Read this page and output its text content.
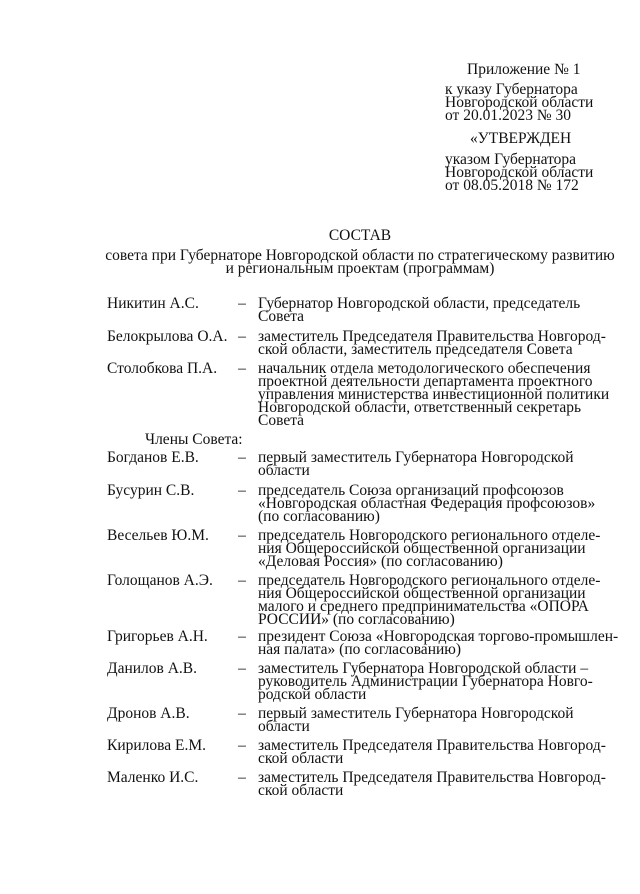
Приложение № 1
к указу Губернатора
Новгородской области
от 20.01.2023 № 30
«УТВЕРЖДЕН
указом Губернатора
Новгородской области
от 08.05.2018 № 172
СОСТАВ
совета при Губернаторе Новгородской области по стратегическому развитию
и региональным проектам (программам)
Никитин А.С.	– Губернатор Новгородской области, председатель
Совета
Белокрылова О.А. – заместитель Председателя Правительства Новгород-
ской области, заместитель председателя Совета
Столобкова П.А. – начальник отдела методологического обеспечения
проектной деятельности департамента проектного
управления министерства инвестиционной политики
Новгородской области, ответственный секретарь
Совета
Члены Совета:
Богданов Е.В.	– первый заместитель Губернатора Новгородской
области
Бусурин С.В.	– председатель Союза организаций профсоюзов
«Новгородская областная Федерация профсоюзов»
(по согласованию)
Весельев Ю.М. – председатель Новгородского регионального отделе-
ния Общероссийской общественной организации
«Деловая Россия» (по согласованию)
Голощанов А.Э. – председатель Новгородского регионального отделе-
ния Общероссийской общественной организации
малого и среднего предпринимательства «ОПОРА
РОССИИ» (по согласованию)
Григорьев А.Н. – президент Союза «Новгородская торгово-промышлен-
ная палата» (по согласованию)
Данилов А.В.	– заместитель Губернатора Новгородской области –
руководитель Администрации Губернатора Новго-
родской области
Дронов А.В.	– первый заместитель Губернатора Новгородской
области
Кирилова Е.М. – заместитель Председателя Правительства Новгород-
ской области
Маленко И.С.	– заместитель Председателя Правительства Новгород-
ской области
